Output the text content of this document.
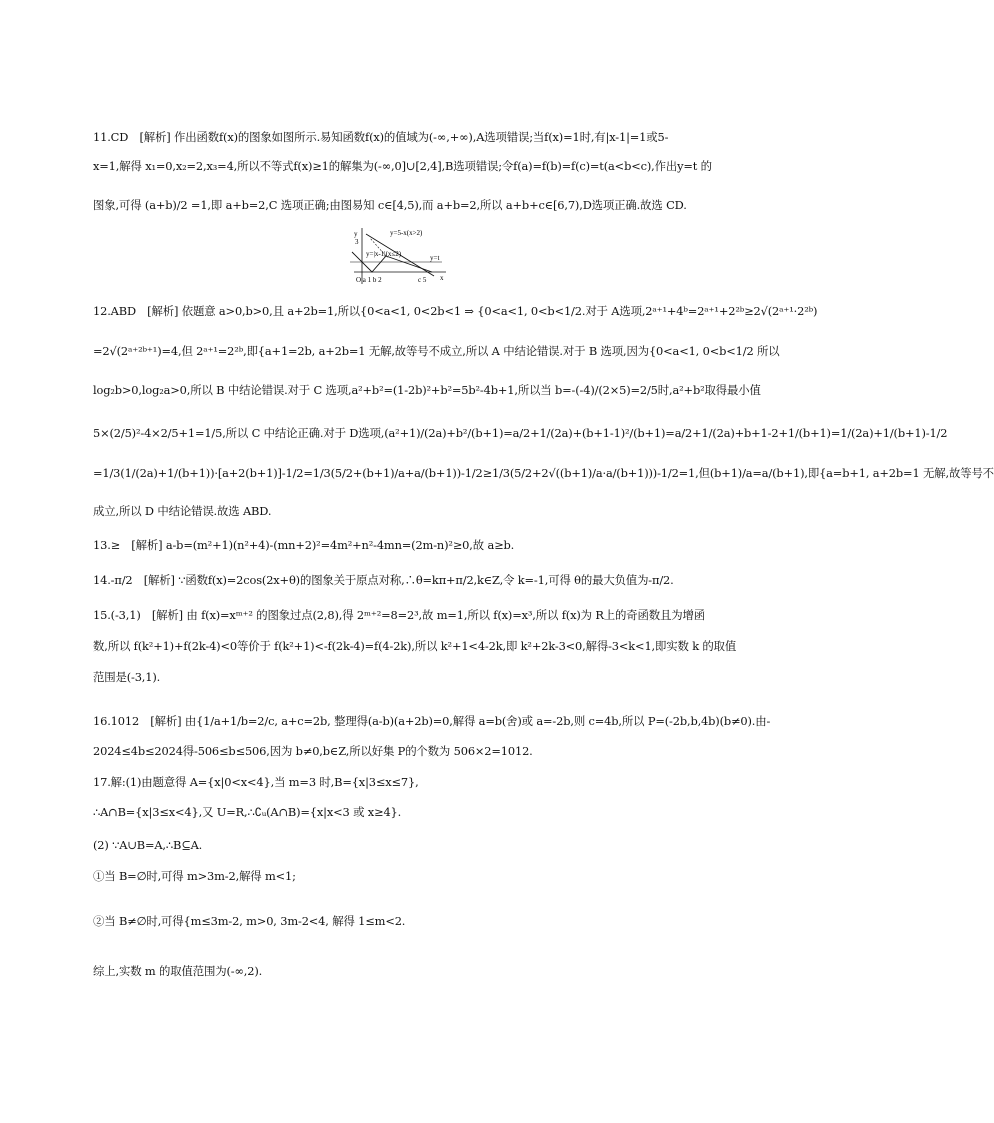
11.CD　[解析] 作出函数f(x)的图象如图所示.易知函数f(x)的值域为(-∞,+∞),A选项错误;当f(x)=1时,有|x-1|=1或5-
x=1,解得 x₁=0,x₂=2,x₃=4,所以不等式f(x)≥1的解集为(-∞,0]∪[2,4],B选项错误;令f(a)=f(b)=f(c)=t(a<b<c),作出y=t 的
图象,可得 (a+b)/2 =1,即 a+b=2,C 选项正确;由图易知 c∈[4,5),而 a+b=2,所以 a+b+c∈[6,7),D选项正确.故选 CD.
y
3
x
y=5-x(x>2)
y=|x-1|(x≤2)	y=t
O a 1 b 2	c 5
12.ABD　[解析] 依题意 a>0,b>0,且 a+2b=1,所以{0<a<1, 0<2b<1 ⇒ {0<a<1, 0<b<1/2.对于 A选项,2ᵃ⁺¹+4ᵇ=2ᵃ⁺¹+2²ᵇ≥2√(2ᵃ⁺¹·2²ᵇ)
=2√(2ᵃ⁺²ᵇ⁺¹)=4,但 2ᵃ⁺¹=2²ᵇ,即{a+1=2b, a+2b=1 无解,故等号不成立,所以 A 中结论错误.对于 B 选项,因为{0<a<1, 0<b<1/2 所以
log₂b>0,log₂a>0,所以 B 中结论错误.对于 C 选项,a²+b²=(1-2b)²+b²=5b²-4b+1,所以当 b=-(-4)/(2×5)=2/5时,a²+b²取得最小值
5×(2/5)²-4×2/5+1=1/5,所以 C 中结论正确.对于 D选项,(a²+1)/(2a)+b²/(b+1)=a/2+1/(2a)+(b+1-1)²/(b+1)=a/2+1/(2a)+b+1-2+1/(b+1)=1/(2a)+1/(b+1)-1/2
=1/3(1/(2a)+1/(b+1))·[a+2(b+1)]-1/2=1/3(5/2+(b+1)/a+a/(b+1))-1/2≥1/3(5/2+2√((b+1)/a·a/(b+1)))-1/2=1,但(b+1)/a=a/(b+1),即{a=b+1, a+2b=1 无解,故等号不
成立,所以 D 中结论错误.故选 ABD.
13.≥　[解析] a-b=(m²+1)(n²+4)-(mn+2)²=4m²+n²-4mn=(2m-n)²≥0,故 a≥b.
14.-π/2　[解析] ∵函数f(x)=2cos(2x+θ)的图象关于原点对称,∴θ=kπ+π/2,k∈Z,令 k=-1,可得 θ的最大负值为-π/2.
15.(-3,1)　[解析] 由 f(x)=xᵐ⁺² 的图象过点(2,8),得 2ᵐ⁺²=8=2³,故 m=1,所以 f(x)=x³,所以 f(x)为 R上的奇函数且为增函
数,所以 f(k²+1)+f(2k-4)<0等价于 f(k²+1)<-f(2k-4)=f(4-2k),所以 k²+1<4-2k,即 k²+2k-3<0,解得-3<k<1,即实数 k 的取值
范围是(-3,1).
16.1012　[解析] 由{1/a+1/b=2/c, a+c=2b, 整理得(a-b)(a+2b)=0,解得 a=b(舍)或 a=-2b,则 c=4b,所以 P=(-2b,b,4b)(b≠0).由-
2024≤4b≤2024得-506≤b≤506,因为 b≠0,b∈Z,所以好集 P的个数为 506×2=1012.
17.解:(1)由题意得 A={x|0<x<4},当 m=3 时,B={x|3≤x≤7},
∴A∩B={x|3≤x<4},又 U=R,∴∁ᵤ(A∩B)={x|x<3 或 x≥4}.
(2) ∵A∪B=A,∴B⊆A.
①当 B=∅时,可得 m>3m-2,解得 m<1;
②当 B≠∅时,可得{m≤3m-2, m>0, 3m-2<4, 解得 1≤m<2.
综上,实数 m 的取值范围为(-∞,2).
